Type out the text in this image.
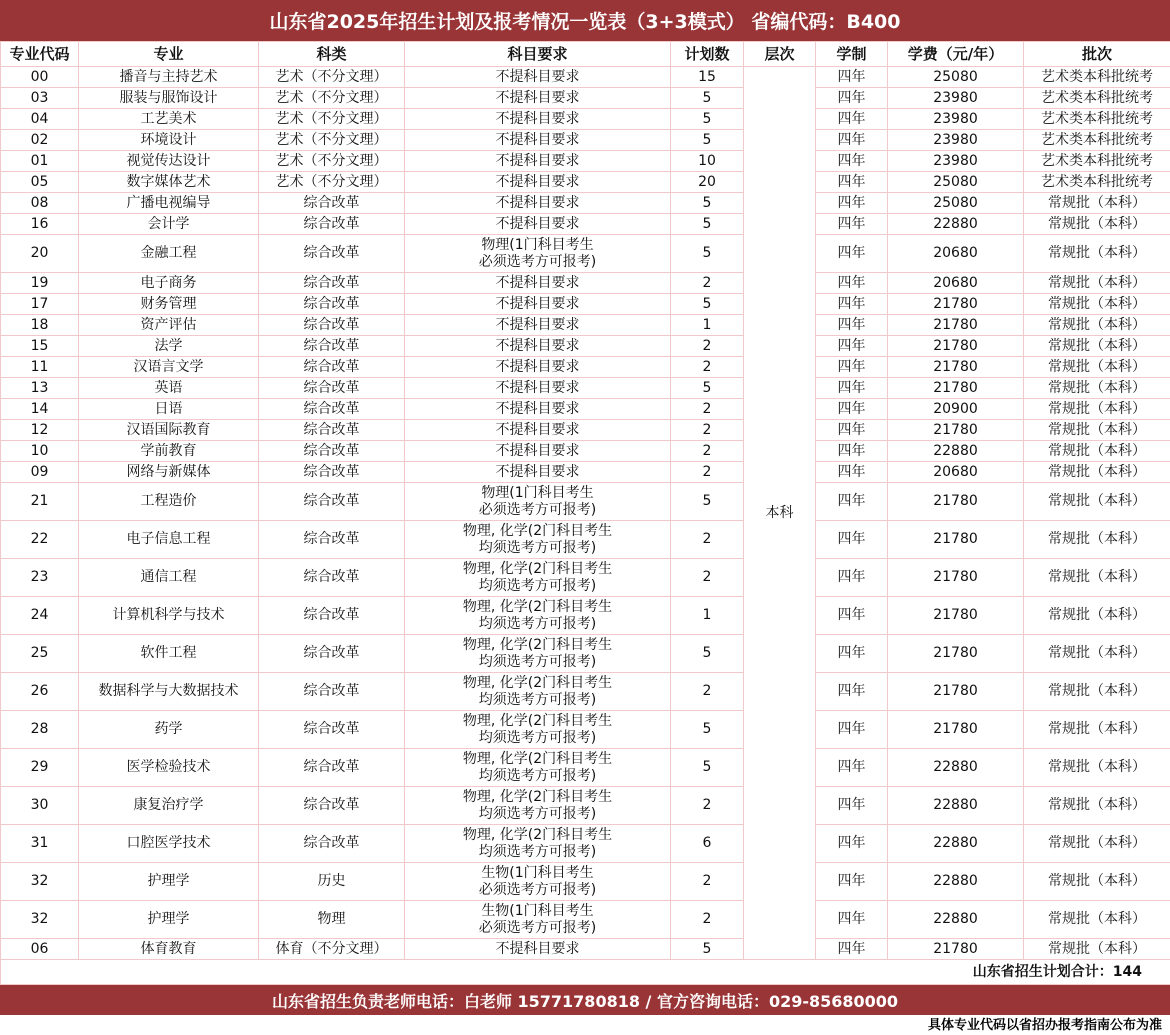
山东省2025年招生计划及报考情况一览表（3+3模式） 省编代码：B400
专业代码	专业	科类	科目要求	计划数	层次	学制	学费（元/年）	批次
00	播音与主持艺术	艺术（不分文理）	不提科目要求	15	本科	四年	25080	艺术类本科批统考
03	服装与服饰设计	艺术（不分文理）	不提科目要求	5		四年	23980	艺术类本科批统考
04	工艺美术	艺术（不分文理）	不提科目要求	5		四年	23980	艺术类本科批统考
02	环境设计	艺术（不分文理）	不提科目要求	5		四年	23980	艺术类本科批统考
01	视觉传达设计	艺术（不分文理）	不提科目要求	10		四年	23980	艺术类本科批统考
05	数字媒体艺术	艺术（不分文理）	不提科目要求	20		四年	25080	艺术类本科批统考
08	广播电视编导	综合改革	不提科目要求	5		四年	25080	常规批（本科）
16	会计学	综合改革	不提科目要求	5		四年	22880	常规批（本科）
20	金融工程	综合改革	物理(1门科目考生
必须选考方可报考)	5		四年	20680	常规批（本科）
19	电子商务	综合改革	不提科目要求	2		四年	20680	常规批（本科）
17	财务管理	综合改革	不提科目要求	5		四年	21780	常规批（本科）
18	资产评估	综合改革	不提科目要求	1		四年	21780	常规批（本科）
15	法学	综合改革	不提科目要求	2		四年	21780	常规批（本科）
11	汉语言文学	综合改革	不提科目要求	2		四年	21780	常规批（本科）
13	英语	综合改革	不提科目要求	5		四年	21780	常规批（本科）
14	日语	综合改革	不提科目要求	2		四年	20900	常规批（本科）
12	汉语国际教育	综合改革	不提科目要求	2		四年	21780	常规批（本科）
10	学前教育	综合改革	不提科目要求	2		四年	22880	常规批（本科）
09	网络与新媒体	综合改革	不提科目要求	2		四年	20680	常规批（本科）
21	工程造价	综合改革	物理(1门科目考生
必须选考方可报考)	5		四年	21780	常规批（本科）
22	电子信息工程	综合改革	物理, 化学(2门科目考生
均须选考方可报考)	2		四年	21780	常规批（本科）
23	通信工程	综合改革	物理, 化学(2门科目考生
均须选考方可报考)	2		四年	21780	常规批（本科）
24	计算机科学与技术	综合改革	物理, 化学(2门科目考生
均须选考方可报考)	1		四年	21780	常规批（本科）
25	软件工程	综合改革	物理, 化学(2门科目考生
均须选考方可报考)	5		四年	21780	常规批（本科）
26	数据科学与大数据技术	综合改革	物理, 化学(2门科目考生
均须选考方可报考)	2		四年	21780	常规批（本科）
28	药学	综合改革	物理, 化学(2门科目考生
均须选考方可报考)	5		四年	21780	常规批（本科）
29	医学检验技术	综合改革	物理, 化学(2门科目考生
均须选考方可报考)	5		四年	22880	常规批（本科）
30	康复治疗学	综合改革	物理, 化学(2门科目考生
均须选考方可报考)	2		四年	22880	常规批（本科）
31	口腔医学技术	综合改革	物理, 化学(2门科目考生
均须选考方可报考)	6		四年	22880	常规批（本科）
32	护理学	历史	生物(1门科目考生
必须选考方可报考)	2		四年	22880	常规批（本科）
32	护理学	物理	生物(1门科目考生
必须选考方可报考)	2		四年	22880	常规批（本科）
06	体育教育	体育（不分文理）	不提科目要求	5		四年	21780	常规批（本科）
山东省招生计划合计：144								
山东省招生负责老师电话：白老师 15771780818 / 官方咨询电话：029-85680000
具体专业代码以省招办报考指南公布为准
